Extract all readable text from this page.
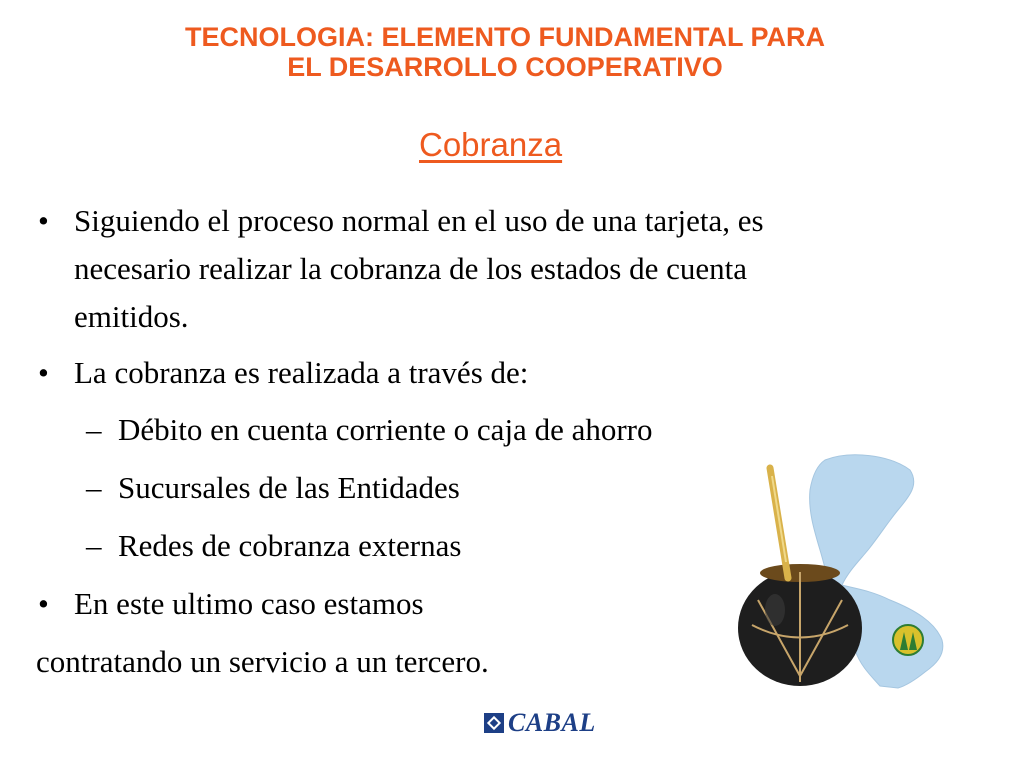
TECNOLOGIA: ELEMENTO FUNDAMENTAL PARA
EL DESARROLLO COOPERATIVO
Cobranza
• Siguiendo el proceso normal en el uso de una tarjeta, es
necesario realizar la cobranza de los estados de cuenta
emitidos.
• La cobranza es realizada a través de:
– Débito en cuenta corriente o caja de ahorro
– Sucursales de las Entidades
– Redes de cobranza externas
• En este ultimo caso estamos
contratando un servicio a un tercero.
CABAL
